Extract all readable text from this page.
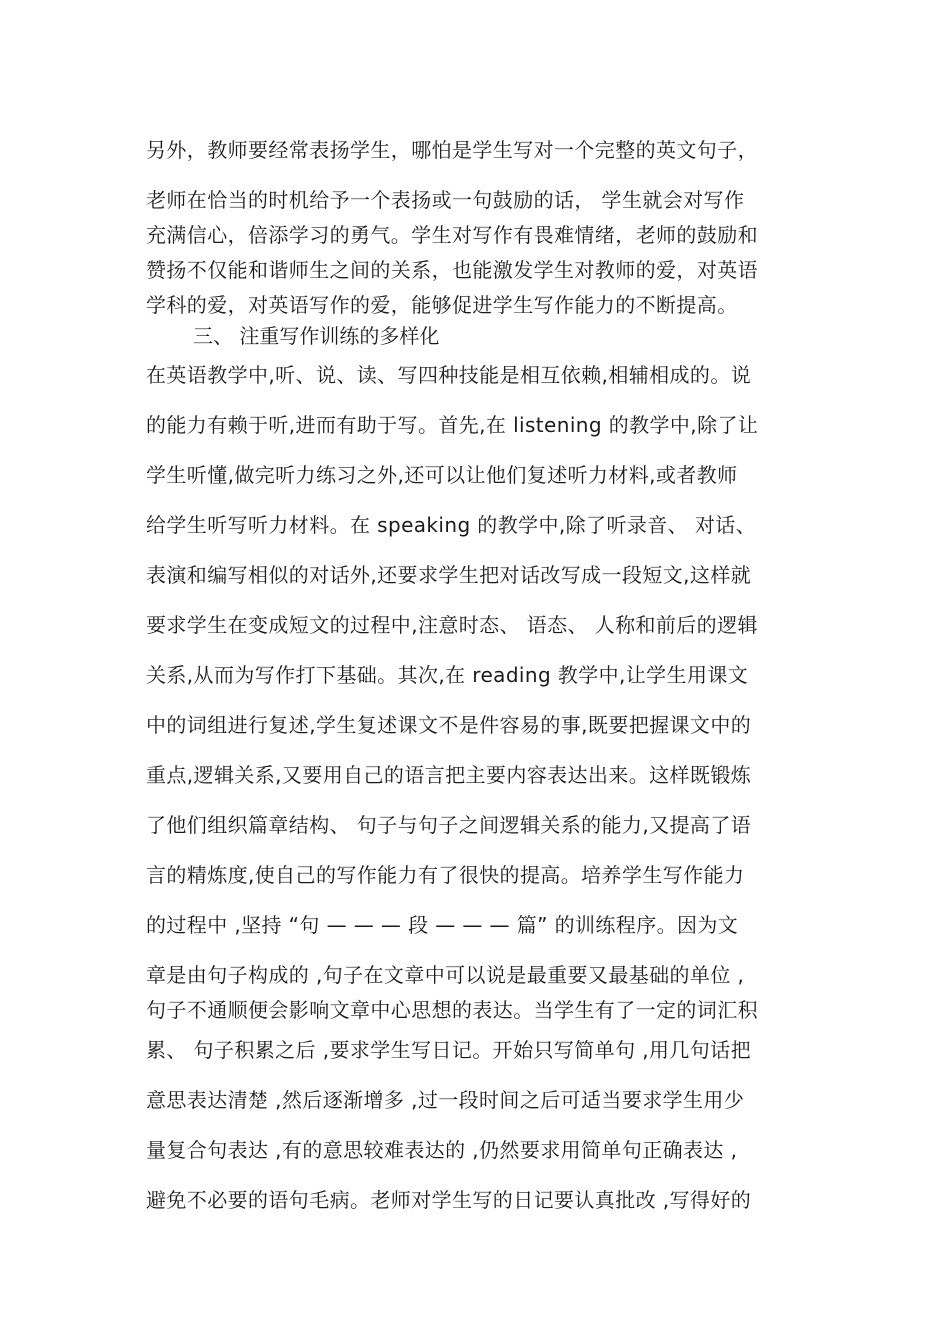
另外，教师要经常表扬学生，哪怕是学生写对一个完整的英文句子，
老师在恰当的时机给予一个表扬或一句鼓励的话， 学生就会对写作
充满信心，倍添学习的勇气。学生对写作有畏难情绪，老师的鼓励和
赞扬不仅能和谐师生之间的关系，也能激发学生对教师的爱，对英语
学科的爱，对英语写作的爱，能够促进学生写作能力的不断提高。
三、 注重写作训练的多样化
在英语教学中,听、说、读、写四种技能是相互依赖,相辅相成的。说
的能力有赖于听,进而有助于写。首先,在 listening 的教学中,除了让
学生听懂,做完听力练习之外,还可以让他们复述听力材料,或者教师
给学生听写听力材料。在 speaking 的教学中,除了听录音、 对话、
表演和编写相似的对话外,还要求学生把对话改写成一段短文,这样就
要求学生在变成短文的过程中,注意时态、 语态、 人称和前后的逻辑
关系,从而为写作打下基础。其次,在 reading 教学中,让学生用课文
中的词组进行复述,学生复述课文不是件容易的事,既要把握课文中的
重点,逻辑关系,又要用自己的语言把主要内容表达出来。这样既锻炼
了他们组织篇章结构、 句子与句子之间逻辑关系的能力,又提高了语
言的精炼度,使自己的写作能力有了很快的提高。培养学生写作能力
的过程中 ,坚持 “句 — — — 段 — — — 篇” 的训练程序。因为文
章是由句子构成的 ,句子在文章中可以说是最重要又最基础的单位 ,
句子不通顺便会影响文章中心思想的表达。当学生有了一定的词汇积
累、 句子积累之后 ,要求学生写日记。开始只写简单句 ,用几句话把
意思表达清楚 ,然后逐渐增多 ,过一段时间之后可适当要求学生用少
量复合句表达 ,有的意思较难表达的 ,仍然要求用简单句正确表达 ,
避免不必要的语句毛病。老师对学生写的日记要认真批改 ,写得好的
